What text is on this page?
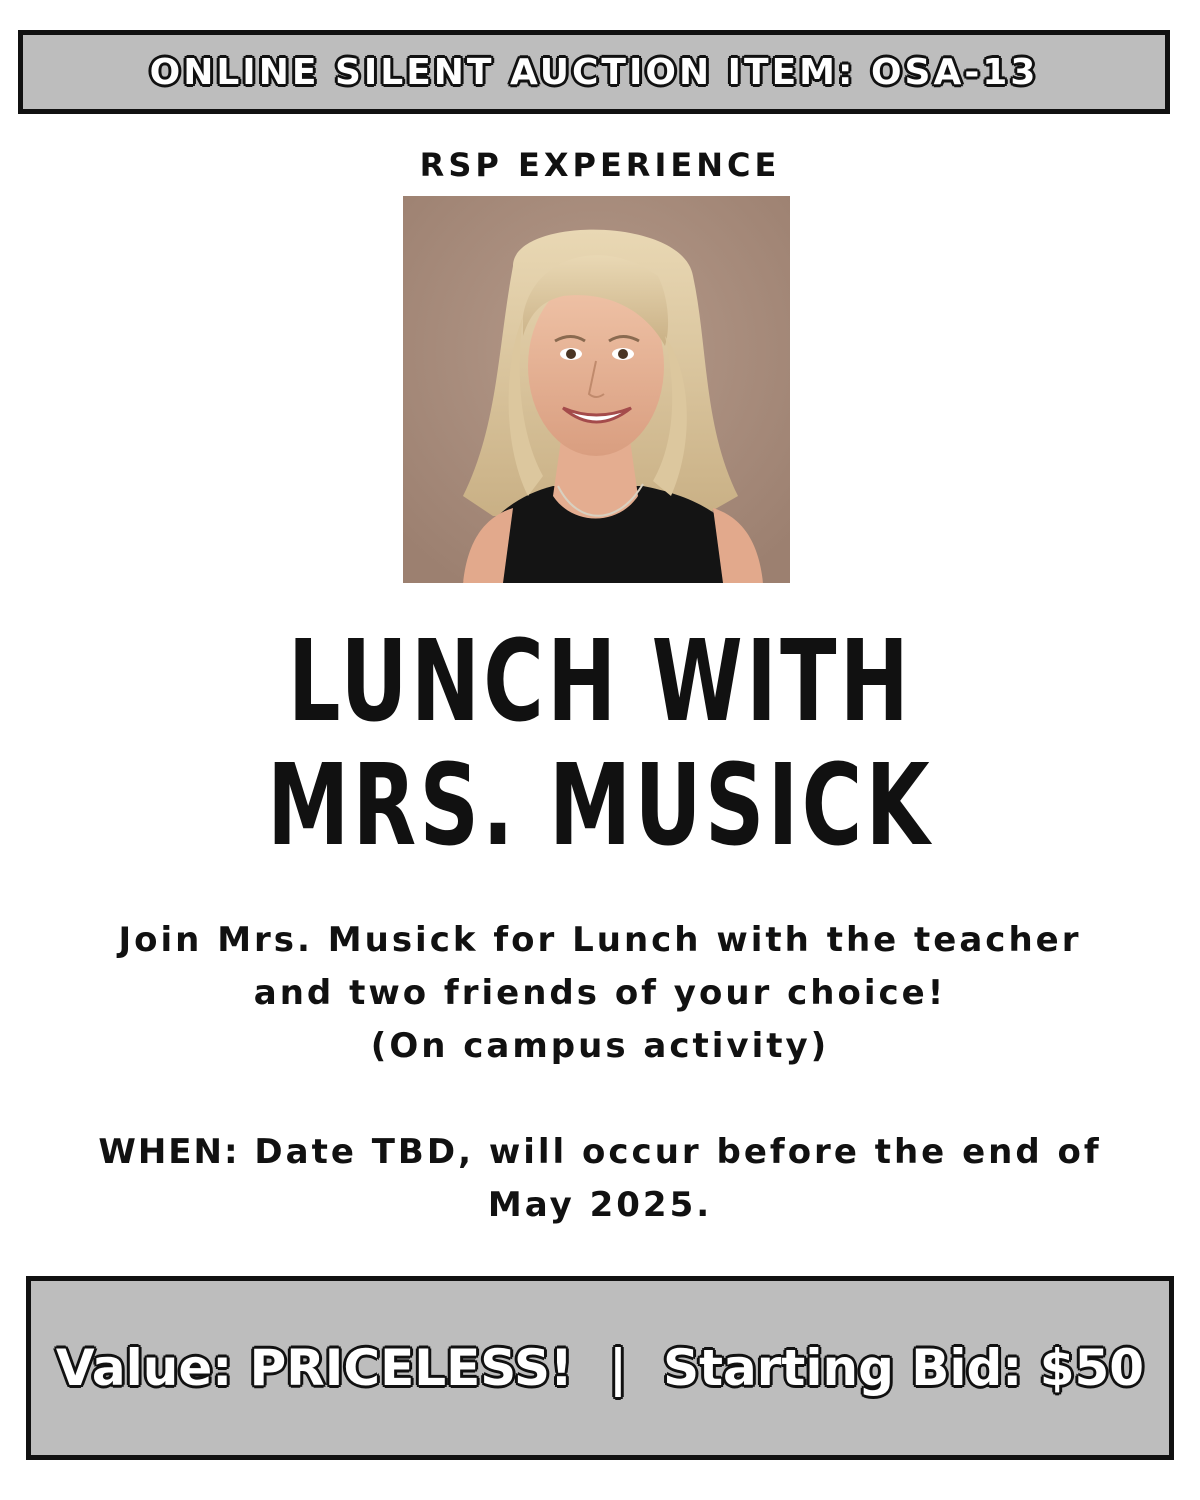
ONLINE SILENT AUCTION ITEM: OSA-13
RSP EXPERIENCE
LUNCH WITH
MRS. MUSICK
Join Mrs. Musick for Lunch with the teacher
and two friends of your choice!
(On campus activity)
WHEN: Date TBD, will occur before the end of
May 2025.
Value: PRICELESS! | Starting Bid: $50
